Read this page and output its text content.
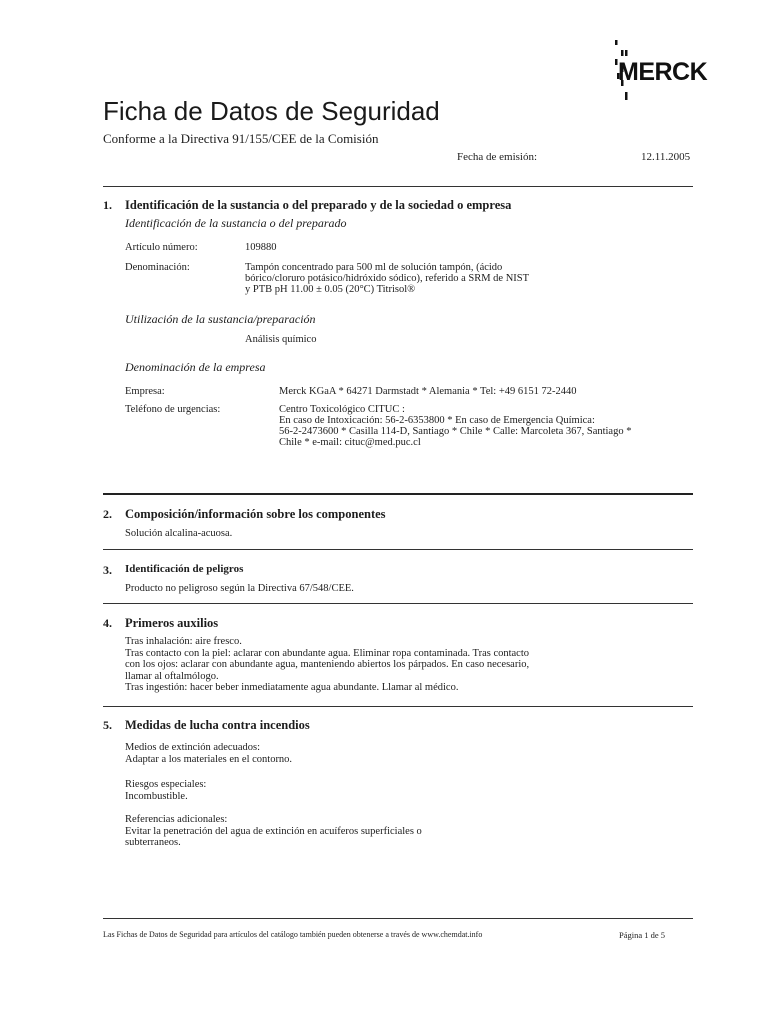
MERCK
Ficha de Datos de Seguridad
Conforme a la Directiva 91/155/CEE de la Comisión
Fecha de emisión:	12.11.2005
1. Identificación de la sustancia o del preparado y de la sociedad o empresa
Identificación de la sustancia o del preparado
Artículo número:	109880
Denominación:	Tampón concentrado para 500 ml de solución tampón, (ácido
bórico/cloruro potásico/hidróxido sódico), referido a SRM de NIST
y PTB pH 11.00 ± 0.05 (20°C) Titrisol®
Utilización de la sustancia/preparación
Análisis químico
Denominación de la empresa
Empresa:	Merck KGaA * 64271 Darmstadt * Alemania * Tel: +49 6151 72-2440
Teléfono de urgencias:	Centro Toxicológico CITUC :
En caso de Intoxicación: 56-2-6353800 * En caso de Emergencia Química:
56-2-2473600 * Casilla 114-D, Santiago * Chile * Calle: Marcoleta 367, Santiago *
Chile * e-mail: cituc@med.puc.cl
2. Composición/información sobre los componentes
Solución alcalina-acuosa.
3. Identificación de peligros
Producto no peligroso según la Directiva 67/548/CEE.
4. Primeros auxilios
Tras inhalación: aire fresco.
Tras contacto con la piel: aclarar con abundante agua. Eliminar ropa contaminada. Tras contacto
con los ojos: aclarar con abundante agua, manteniendo abiertos los párpados. En caso necesario,
llamar al oftalmólogo.
Tras ingestión: hacer beber inmediatamente agua abundante. Llamar al médico.
5. Medidas de lucha contra incendios
Medios de extinción adecuados:
Adaptar a los materiales en el contorno.
Riesgos especiales:
Incombustible.
Referencias adicionales:
Evitar la penetración del agua de extinción en acuíferos superficiales o
subterraneos.
Las Fichas de Datos de Seguridad para artículos del catálogo también pueden obtenerse a través de www.chemdat.info	Página 1 de 5
